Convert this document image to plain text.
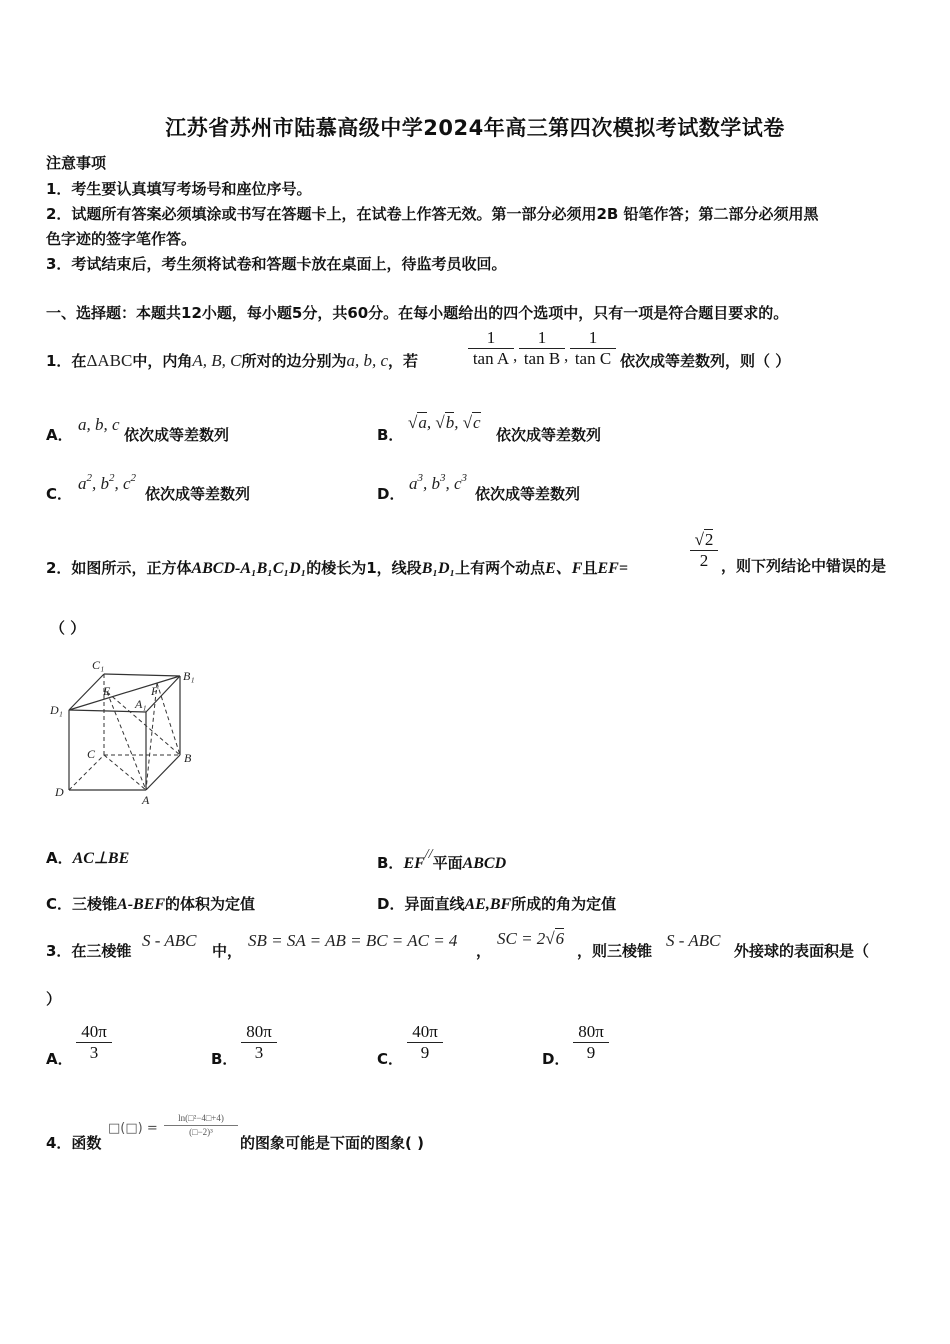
江苏省苏州市陆慕高级中学2024年高三第四次模拟考试数学试卷
注意事项
1．考生要认真填写考场号和座位序号。
2．试题所有答案必须填涂或书写在答题卡上，在试卷上作答无效。第一部分必须用2B 铅笔作答；第二部分必须用黑
色字迹的签字笔作答。
3．考试结束后，考生须将试卷和答题卡放在桌面上，待监考员收回。
一、选择题：本题共12小题，每小题5分，共60分。在每小题给出的四个选项中，只有一项是符合题目要求的。
1．在ΔABC中，内角A, B, C所对的边分别为a, b, c，若	$\frac{1}{\text{tan A}}$ , $\frac{1}{\text{tan B}}$ , $\frac{1}{\text{tan C}}$ 依次成等差数列，则（ ）
A．
a, b, c
依次成等差数列	B．
√a, √b, √c
依次成等差数列
C．
$a^2$, $b^2$, $c^2$
依次成等差数列	D．
$a^3$, $b^3$, $c^3$
依次成等差数列
2．如图所示，正方体ABCD-A₁B₁C₁D₁的棱长为1，线段B₁D₁上有两个动点E、F且EF=	$\frac{√2}{2}$ ，则下列结论中错误的是
（ ）
C₁
B₁
D₁	A₁
E	F
C	B
D
A
A．AC⊥BE	B．EF//平面ABCD
C．三棱锥A-BEF的体积为定值	D．异面直线AE,BF所成的角为定值
3．在三棱锥
S - ABC
中，
SB = SA = AB = BC = AC = 4
，
SC = 2√6
，则三棱锥
S - ABC
外接球的表面积是（
）
A． $\frac{40\pi}{3}$	B． $\frac{80\pi}{3}$	C． $\frac{40\pi}{9}$	D． $\frac{80\pi}{9}$
4．函数
□(□) = $\frac{\text{ln(□²−4□+4)}}{\text{(□−2)³}}$
的图象可能是下面的图象( )
